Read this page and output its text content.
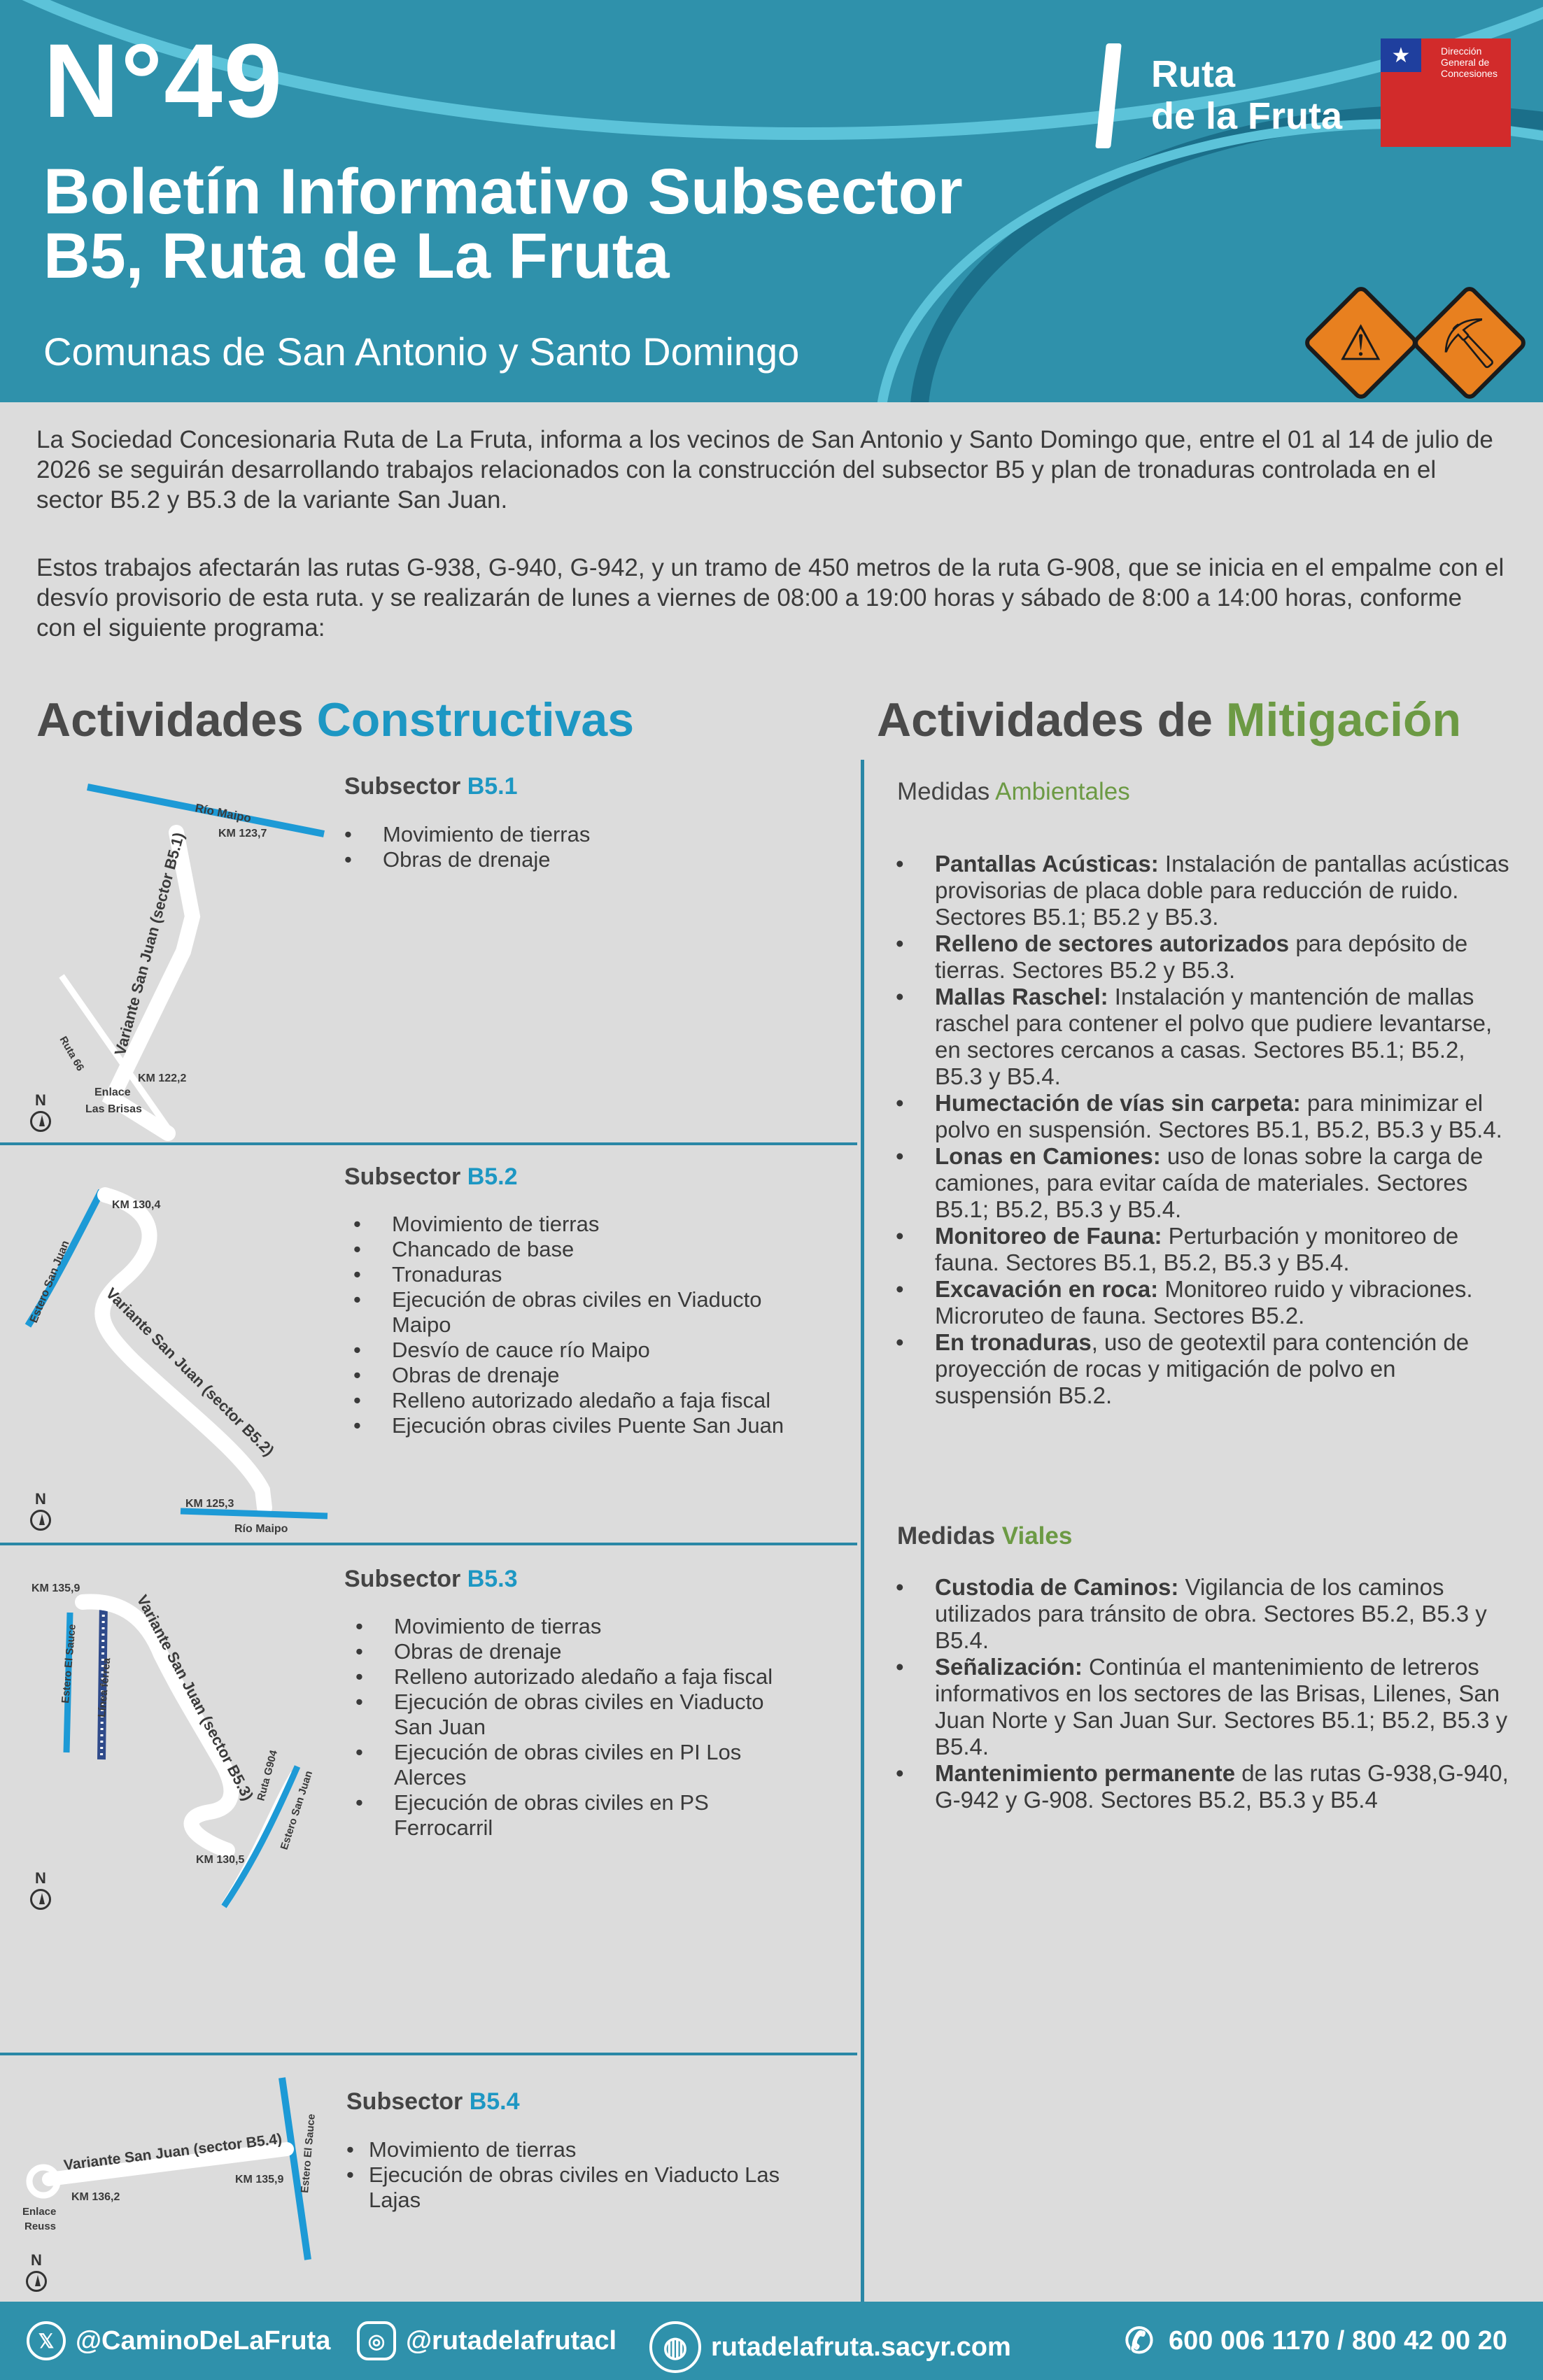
N°49
Boletín Informativo Subsector
B5, Ruta de La Fruta
Comunas de San Antonio y Santo Domingo
Ruta
de la Fruta
★	Dirección General de Concesiones
⚠	⛏
La Sociedad Concesionaria Ruta de La Fruta, informa a los vecinos de San Antonio y Santo Domingo que, entre el 01 al 14 de julio de 2026 se seguirán desarrollando trabajos relacionados con la construcción del subsector B5 y plan de tronaduras controlada en el sector B5.2 y B5.3 de la variante San Juan.
Estos trabajos afectarán las rutas G-938, G-940, G-942, y un tramo de 450 metros de la ruta G-908, que se inicia en el empalme con el desvío provisorio de esta ruta. y se realizarán de lunes a viernes de 08:00 a 19:00 horas y sábado de 8:00 a 14:00 horas, conforme con el siguiente programa:
Actividades Constructivas	Actividades de Mitigación
Río Maipo
KM 123,7
Variante San Juan (sector B5.1)
Ruta 66
KM 122,2
Enlace
Las Brisas
N
Subsector B5.1
• Movimiento de tierras
• Obras de drenaje
KM 130,4
Estero San Juan
Variante San Juan (sector B5.2)
KM 125,3
Río Maipo
N
Subsector B5.2
• Movimiento de tierras
• Chancado de base
• Tronaduras
• Ejecución de obras civiles en Viaducto Maipo
• Desvío de cauce río Maipo
• Obras de drenaje
• Relleno autorizado aledaño a faja fiscal
• Ejecución obras civiles Puente San Juan
KM 135,9
Estero El Sauce Línea férrea Variante San Juan (sector B5.3)
Ruta G904
Estero San Juan
KM 130,5
N
Subsector B5.3
• Movimiento de tierras
• Obras de drenaje
• Relleno autorizado aledaño a faja fiscal
• Ejecución de obras civiles en Viaducto San Juan
• Ejecución de obras civiles en PI Los Alerces
• Ejecución de obras civiles en PS Ferrocarril
Variante San Juan (sector B5.4)
KM 136,2
KM 135,9 Estero El Sauce
Enlace
Reuss
N
Subsector B5.4
• Movimiento de tierras
• Ejecución de obras civiles en Viaducto Las Lajas
Medidas Ambientales
• Pantallas Acústicas: Instalación de pantallas acústicas provisorias de placa doble para reducción de ruido. Sectores B5.1; B5.2 y B5.3.
• Relleno de sectores autorizados para depósito de tierras. Sectores B5.2 y B5.3.
• Mallas Raschel: Instalación y mantención de mallas raschel para contener el polvo que pudiere levantarse, en sectores cercanos a casas. Sectores B5.1; B5.2, B5.3 y B5.4.
• Humectación de vías sin carpeta: para minimizar el polvo en suspensión. Sectores B5.1, B5.2, B5.3 y B5.4.
• Lonas en Camiones: uso de lonas sobre la carga de camiones, para evitar caída de materiales. Sectores B5.1; B5.2, B5.3 y B5.4.
• Monitoreo de Fauna: Perturbación y monitoreo de fauna. Sectores B5.1, B5.2, B5.3 y B5.4.
• Excavación en roca: Monitoreo ruido y vibraciones. Microruteo de fauna. Sectores B5.2.
• En tronaduras, uso de geotextil para contención de proyección de rocas y mitigación de polvo en suspensión B5.2.
Medidas Viales
• Custodia de Caminos: Vigilancia de los caminos utilizados para tránsito de obra. Sectores B5.2, B5.3 y B5.4.
• Señalización: Continúa el mantenimiento de letreros informativos en los sectores de las Brisas, Lilenes, San Juan Norte y San Juan Sur. Sectores B5.1; B5.2, B5.3 y B5.4.
• Mantenimiento permanente de las rutas G-938,G-940, G-942 y G-908. Sectores B5.2, B5.3 y B5.4
𝕏 @CaminoDeLaFruta	◎ @rutadelafrutacl	◍ rutadelafruta.sacyr.com	✆ 600 006 1170 / 800 42 00 20
